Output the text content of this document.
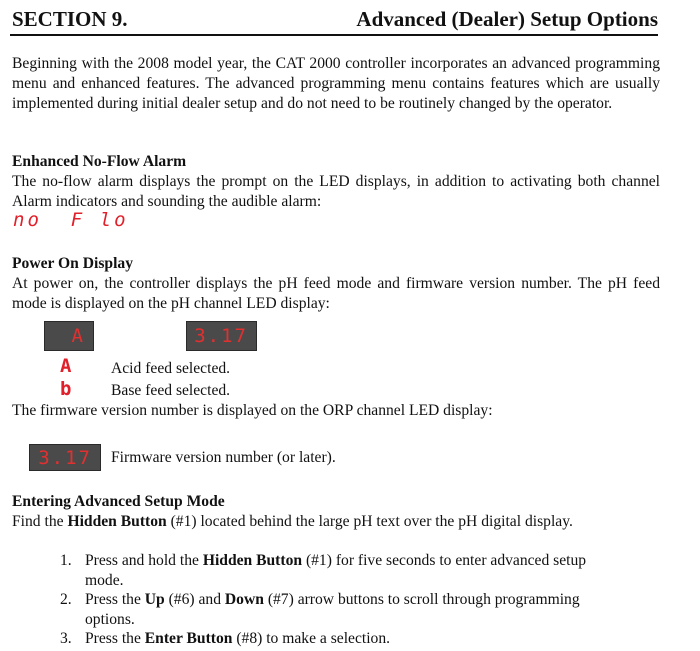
SECTION 9.	Advanced (Dealer) Setup Options
Beginning with the 2008 model year, the CAT 2000 controller incorporates an advanced programming menu and enhanced features. The advanced programming menu contains features which are usually implemented during initial dealer setup and do not need to be routinely changed by the operator.
Enhanced No-Flow Alarm
The no-flow alarm displays the prompt on the LED displays, in addition to activating both channel Alarm indicators and sounding the audible alarm:
no  F lo
Power On Display
At power on, the controller displays the pH feed mode and firmware version number. The pH feed mode is displayed on the pH channel LED display:
A	3.17
A	Acid feed selected.
b	Base feed selected.
The firmware version number is displayed on the ORP channel LED display:
3.17	Firmware version number (or later).
Entering Advanced Setup Mode
Find the Hidden Button (#1) located behind the large pH text over the pH digital display.
1. Press and hold the Hidden Button (#1) for five seconds to enter advanced setup mode.
2. Press the Up (#6) and Down (#7) arrow buttons to scroll through programming options.
3. Press the Enter Button (#8) to make a selection.
